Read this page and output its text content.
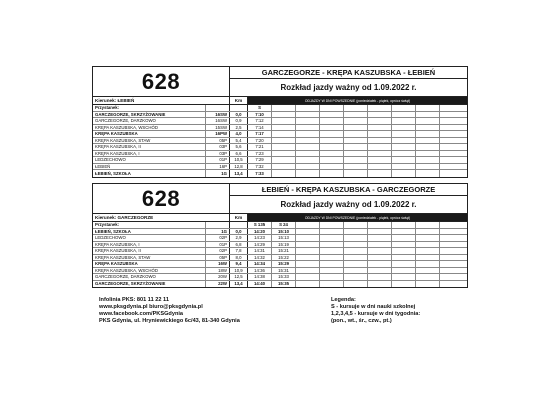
628	GARCZEGORZE - KRĘPA KASZUBSKA - ŁEBIEŃ
Rozkład jazdy ważny od 1.09.2022 r.
Kierunek: ŁEBIEŃ	Km	ODJAZDY W DNI POWSZEDNIE (poniedziałek - piątek, oprócz świąt)
Przystanek:	S
GARCZEGORZE, SKRZYŻOWANIE	16SW	0,0	7:10
GARCZEGORZE, DARZKOWO	16SW	0,9	7:12
KRĘPA KASZUBSKA, WSCHÓD	15SW	2,5	7:14
KRĘPA KASZUBSKA	16PW	4,0	7:17
KRĘPA KASZUBSKA, STAW	05P	5,4	7:20
KRĘPA KASZUBSKA, II	03P	5,6	7:21
KRĘPA KASZUBSKA, I	03P	6,6	7:23
LEDZECHOWO	01P	10,5	7:29
ŁEBIEŃ	16P	12,8	7:32
ŁEBIEŃ, SZKOŁA	1G	13,4	7:33
628	ŁEBIEŃ - KRĘPA KASZUBSKA - GARCZEGORZE
Rozkład jazdy ważny od 1.09.2022 r.
Kierunek: GARCZEGORZE	Km	ODJAZDY W DNI POWSZEDNIE (poniedziałek - piątek, oprócz świąt)
Przystanek:	S 135	S 24
ŁEBIEŃ, SZKOŁA	1G	0,0	14:20	15:10
LEDZECHOWO	02P	2,9	14:23	15:13
KRĘPA KASZUBSKA, I	01P	6,8	14:29	15:19
KRĘPA KASZUBSKA, II	02P	7,8	14:31	15:21
KRĘPA KASZUBSKA, STAW	05P	8,0	14:32	15:22
KRĘPA KASZUBSKA	16W	9,4	14:34	15:29
KRĘPA KASZUBSKA, WSCHÓD	18W	10,9	14:36	15:31
GARCZEGORZE, DARZKOWO	20W	12,5	14:38	15:33
GARCZEGORZE, SKRZYŻOWANIE	22W	13,4	14:40	15:35
Infolinia PKS: 801 11 22 11
www.pksgdynia.pl biuro@pksgdynia.pl
www.facebook.com/PKSGdynia
PKS Gdynia, ul. Hryniewickiego 6c/43, 81-340 Gdynia
Legenda:
S - kursuje w dni nauki szkolnej
1,2,3,4,5 - kursuje w dni tygodnia:
(pon., wt., śr., czw., pt.)
